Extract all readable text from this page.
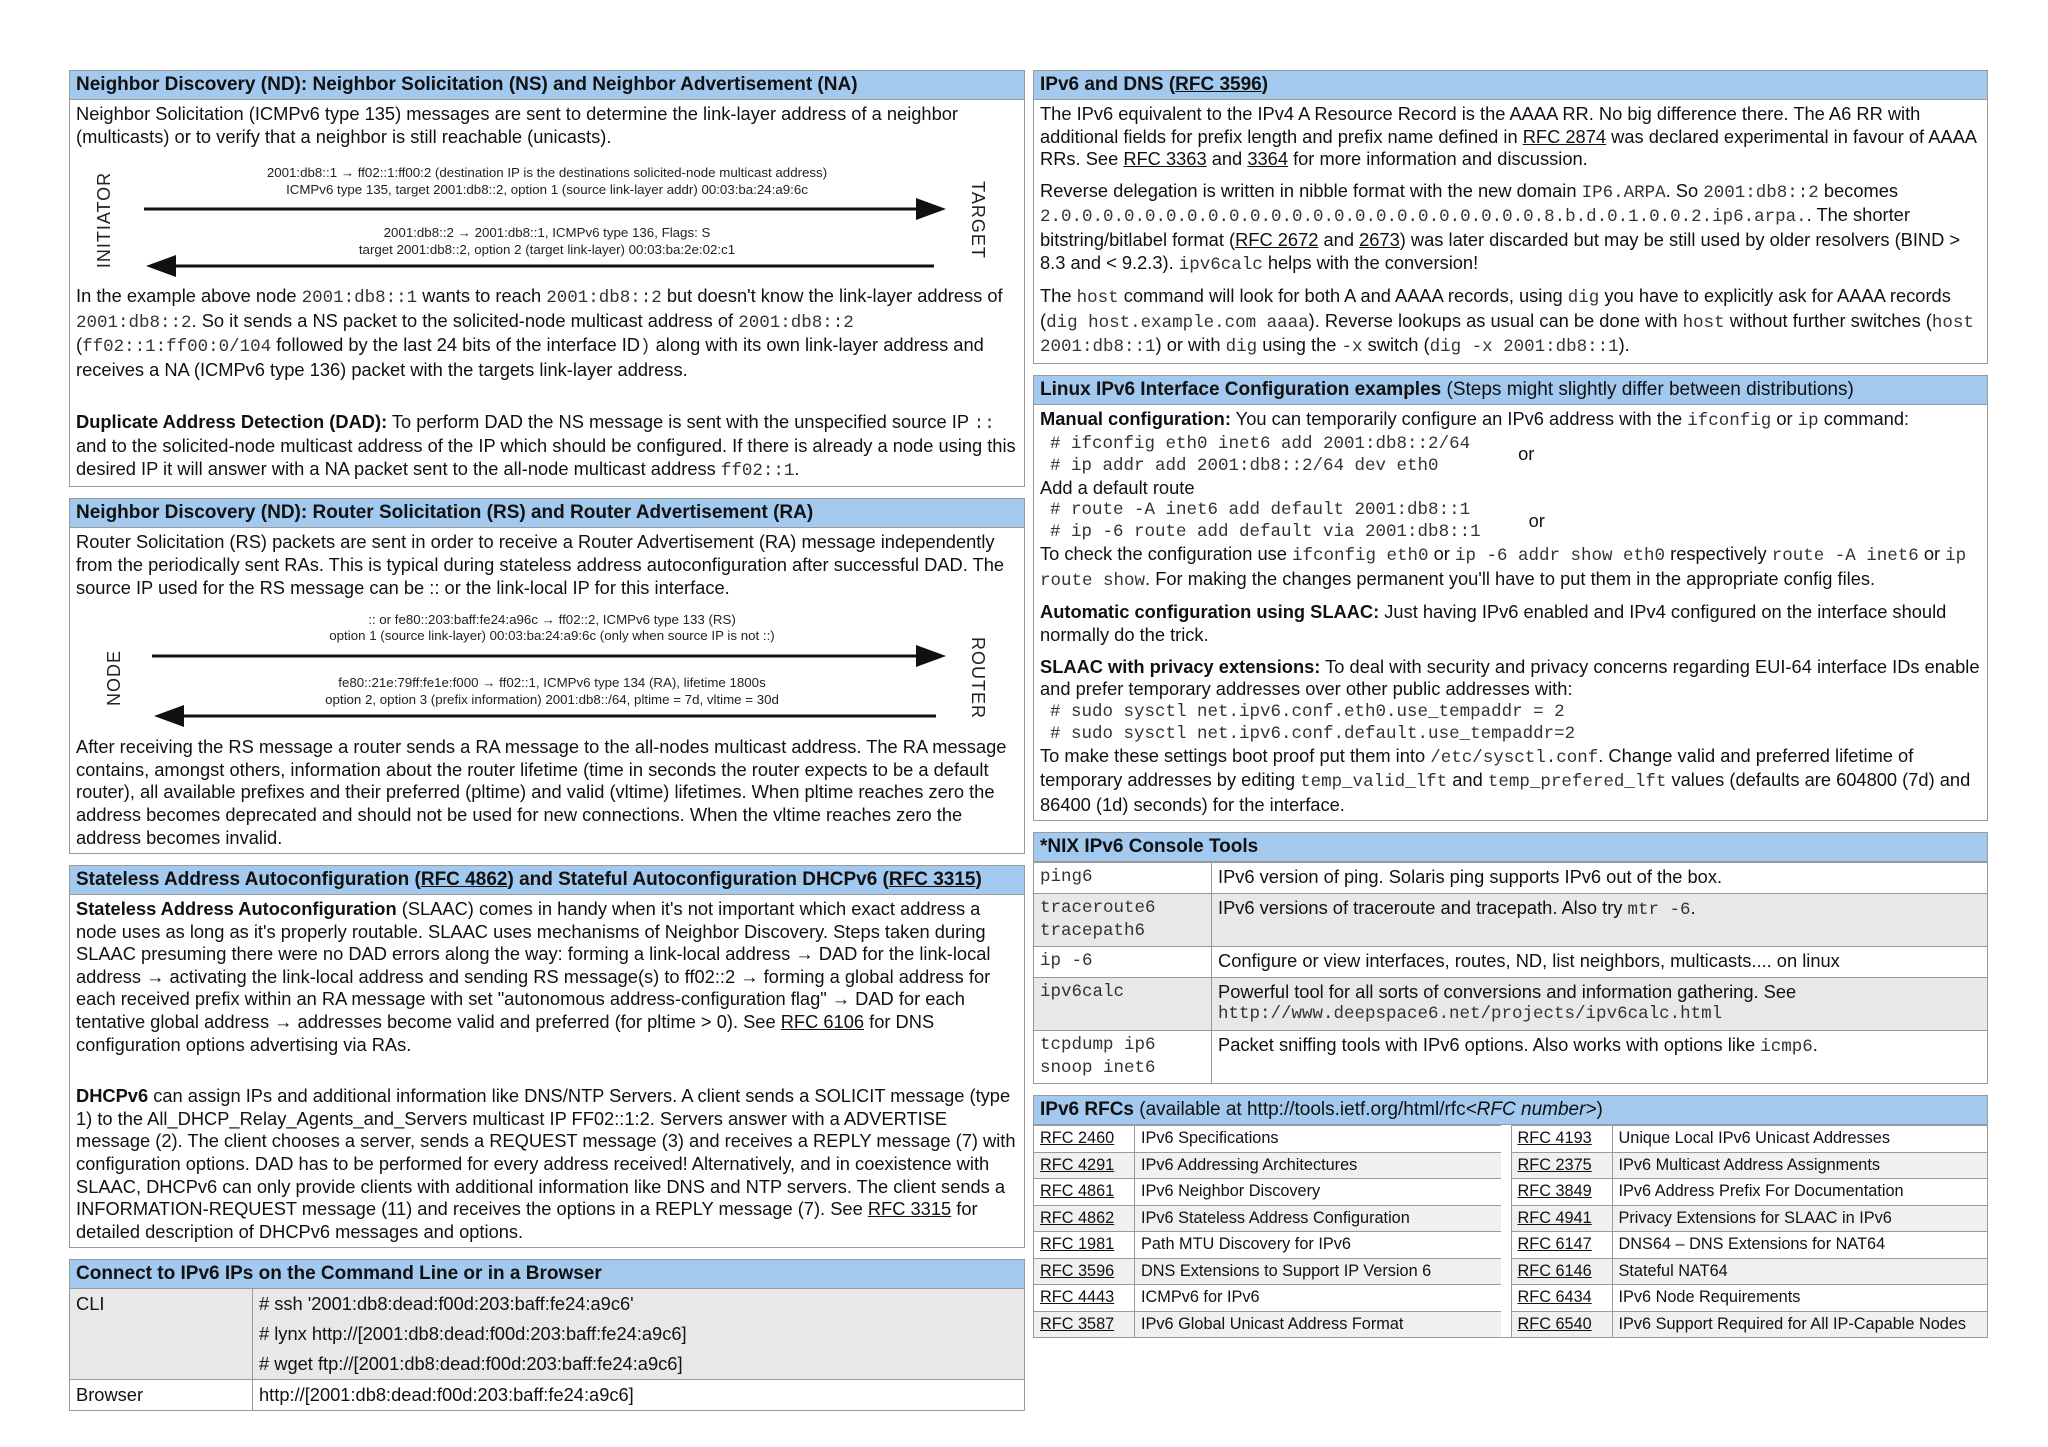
Neighbor Discovery (ND): Neighbor Solicitation (NS) and Neighbor Advertisement (NA)

Neighbor Solicitation (ICMPv6 type 135) messages are sent to determine the link-layer address of a neighbor (multicasts) or to verify that a neighbor is still reachable (unicasts).

INITIATOR	TARGET
2001:db8::1 → ff02::1:ff00:2 (destination IP is the destinations solicited-node multicast address)
ICMPv6 type 135, target 2001:db8::2, option 1 (source link-layer addr) 00:03:ba:24:a9:6c
2001:db8::2 → 2001:db8::1, ICMPv6 type 136, Flags: S
target 2001:db8::2, option 2 (target link-layer) 00:03:ba:2e:02:c1

In the example above node 2001:db8::1 wants to reach 2001:db8::2 but doesn't know the link-layer address of 2001:db8::2. So it sends a NS packet to the solicited-node multicast address of 2001:db8::2 (ff02::1:ff00:0/104 followed by the last 24 bits of the interface ID) along with its own link-layer address and receives a NA (ICMPv6 type 136) packet with the targets link-layer address.

Duplicate Address Detection (DAD): To perform DAD the NS message is sent with the unspecified source IP :: and to the solicited-node multicast address of the IP which should be configured. If there is already a node using this desired IP it will answer with a NA packet sent to the all-node multicast address ff02::1.

Neighbor Discovery (ND): Router Solicitation (RS) and Router Advertisement (RA)

Router Solicitation (RS) packets are sent in order to receive a Router Advertisement (RA) message independently from the periodically sent RAs. This is typical during stateless address autoconfiguration after successful DAD. The source IP used for the RS message can be :: or the link-local IP for this interface.

NODE	ROUTER
:: or fe80::203:baff:fe24:a96c → ff02::2, ICMPv6 type 133 (RS)
option 1 (source link-layer) 00:03:ba:24:a9:6c (only when source IP is not ::)
fe80::21e:79ff:fe1e:f000 → ff02::1, ICMPv6 type 134 (RA), lifetime 1800s
option 2, option 3 (prefix information) 2001:db8::/64, pltime = 7d, vltime = 30d

After receiving the RS message a router sends a RA message to the all-nodes multicast address. The RA message contains, amongst others, information about the router lifetime (time in seconds the router expects to be a default router), all available prefixes and their preferred (pltime) and valid (vltime) lifetimes. When pltime reaches zero the address becomes deprecated and should not be used for new connections. When the vltime reaches zero the address becomes invalid.

Stateless Address Autoconfiguration (RFC 4862) and Stateful Autoconfiguration DHCPv6 (RFC 3315)

Stateless Address Autoconfiguration (SLAAC) comes in handy when it's not important which exact address a node uses as long as it's properly routable. SLAAC uses mechanisms of Neighbor Discovery. Steps taken during SLAAC presuming there were no DAD errors along the way: forming a link-local address → DAD for the link-local address → activating the link-local address and sending RS message(s) to ff02::2 → forming a global address for each received prefix within an RA message with set "autonomous address-configuration flag" → DAD for each tentative global address → addresses become valid and preferred (for pltime > 0). See RFC 6106 for DNS configuration options advertising via RAs.

DHCPv6 can assign IPs and additional information like DNS/NTP Servers. A client sends a SOLICIT message (type 1) to the All_DHCP_Relay_Agents_and_Servers multicast IP FF02::1:2. Servers answer with a ADVERTISE message (2). The client chooses a server, sends a REQUEST message (3) and receives a REPLY message (7) with configuration options. DAD has to be performed for every address received! Alternatively, and in coexistence with SLAAC, DHCPv6 can only provide clients with additional information like DNS and NTP servers. The client sends a INFORMATION-REQUEST message (11) and receives the options in a REPLY message (7). See RFC 3315 for detailed description of DHCPv6 messages and options.

Connect to IPv6 IPs on the Command Line or in a Browser
CLI	# ssh '2001:db8:dead:f00d:203:baff:fe24:a9c6'
	# lynx http://[2001:db8:dead:f00d:203:baff:fe24:a9c6]
	# wget ftp://[2001:db8:dead:f00d:203:baff:fe24:a9c6]
Browser	http://[2001:db8:dead:f00d:203:baff:fe24:a9c6]
IPv6 and DNS (RFC 3596)

The IPv6 equivalent to the IPv4 A Resource Record is the AAAA RR. No big difference there. The A6 RR with additional fields for prefix length and prefix name defined in RFC 2874 was declared experimental in favour of AAAA RRs. See RFC 3363 and 3364 for more information and discussion.

Reverse delegation is written in nibble format with the new domain IP6.ARPA. So 2001:db8::2 becomes 2.0.0.0.0.0.0.0.0.0.0.0.0.0.0.0.0.0.0.0.0.0.0.0.8.b.d.0.1.0.0.2.ip6.arpa.. The shorter bitstring/bitlabel format (RFC 2672 and 2673) was later discarded but may be still used by older resolvers (BIND > 8.3 and < 9.2.3). ipv6calc helps with the conversion!

The host command will look for both A and AAAA records, using dig you have to explicitly ask for AAAA records (dig host.example.com aaaa). Reverse lookups as usual can be done with host without further switches (host 2001:db8::1) or with dig using the -x switch (dig -x 2001:db8::1).

Linux IPv6 Interface Configuration examples (Steps might slightly differ between distributions)
Manual configuration: You can temporarily configure an IPv6 address with the ifconfig or ip command:
# ifconfig eth0 inet6 add 2001:db8::2/64
# ip addr add 2001:db8::2/64 dev eth0
or
Add a default route
# route -A inet6 add default 2001:db8::1
# ip -6 route add default via 2001:db8::1
or

To check the configuration use ifconfig eth0 or ip -6 addr show eth0 respectively route -A inet6 or ip route show. For making the changes permanent you'll have to put them in the appropriate config files.

Automatic configuration using SLAAC: Just having IPv6 enabled and IPv4 configured on the interface should normally do the trick.

SLAAC with privacy extensions: To deal with security and privacy concerns regarding EUI-64 interface IDs enable and prefer temporary addresses over other public addresses with:
# sudo sysctl net.ipv6.conf.eth0.use_tempaddr = 2
# sudo sysctl net.ipv6.conf.default.use_tempaddr=2

To make these settings boot proof put them into /etc/sysctl.conf. Change valid and preferred lifetime of temporary addresses by editing temp_valid_lft and temp_prefered_lft values (defaults are 604800 (7d) and 86400 (1d) seconds) for the interface.

*NIX IPv6 Console Tools
ping6	IPv6 version of ping. Solaris ping supports IPv6 out of the box.

traceroute6
tracepath6	IPv6 versions of traceroute and tracepath. Also try mtr -6.
ip -6	Configure or view interfaces, routes, ND, list neighbors, multicasts.... on linux
ipv6calc	Powerful tool for all sorts of conversions and information gathering. See
http://www.deepspace6.net/projects/ipv6calc.html

tcpdump ip6
snoop inet6	Packet sniffing tools with IPv6 options. Also works with options like icmp6.
IPv6 RFCs (available at http://tools.ietf.org/html/rfc<RFC number>)
RFC 2460	IPv6 Specifications
RFC 4291	IPv6 Addressing Architectures
RFC 4861	IPv6 Neighbor Discovery
RFC 4862	IPv6 Stateless Address Configuration
RFC 1981	Path MTU Discovery for IPv6
RFC 3596	DNS Extensions to Support IP Version 6
RFC 4443	ICMPv6 for IPv6
RFC 3587	IPv6 Global Unicast Address Format
RFC 4193	Unique Local IPv6 Unicast Addresses
RFC 2375	IPv6 Multicast Address Assignments
RFC 3849	IPv6 Address Prefix For Documentation
RFC 4941	Privacy Extensions for SLAAC in IPv6
RFC 6147	DNS64 – DNS Extensions for NAT64
RFC 6146	Stateful NAT64
RFC 6434	IPv6 Node Requirements
RFC 6540	IPv6 Support Required for All IP-Capable Nodes
